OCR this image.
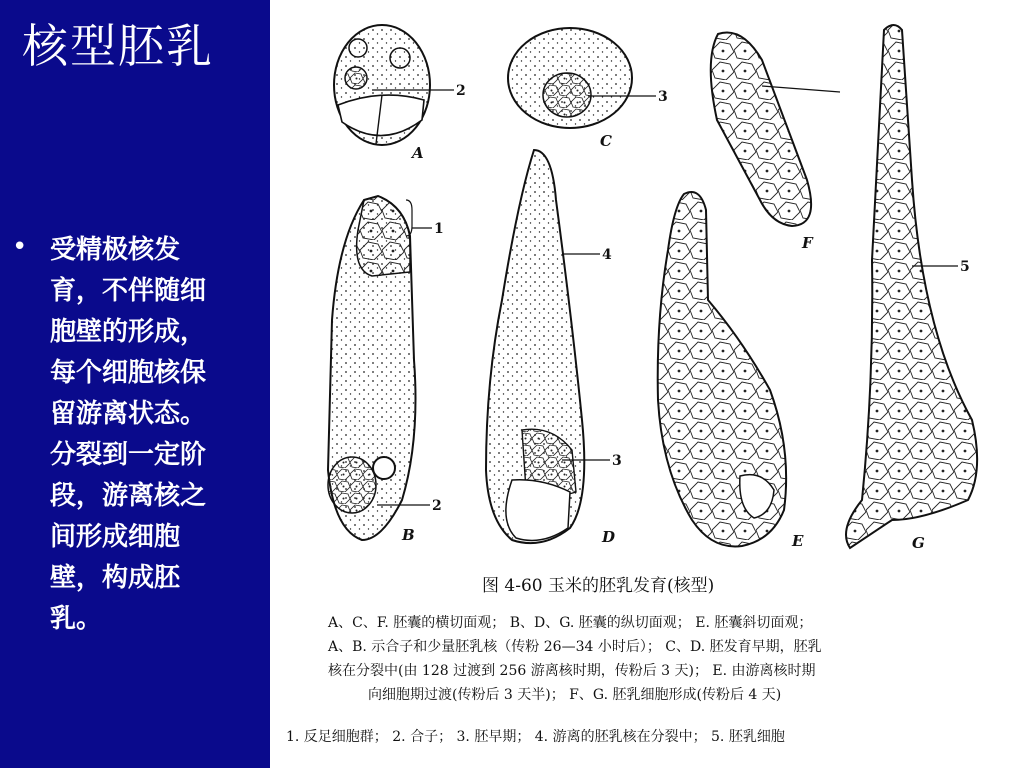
核型胚乳
• 受精极核发育，不伴随细胞壁的形成，每个细胞核保留游离状态。分裂到一定阶段，游离核之间形成细胞壁，构成胚乳。
A
B
C
D	E
F
G
2	3
1
2
4
3
5
图 4-60 玉米的胚乳发育(核型)
A、C、F. 胚囊的横切面观； B、D、G. 胚囊的纵切面观； E. 胚囊斜切面观；
A、B. 示合子和少量胚乳核（传粉 26—34 小时后）； C、D. 胚发育早期，胚乳
核在分裂中(由 128 过渡到 256 游离核时期，传粉后 3 天)； E. 由游离核时期
向细胞期过渡(传粉后 3 天半)； F、G. 胚乳细胞形成(传粉后 4 天)
1. 反足细胞群； 2. 合子； 3. 胚早期； 4. 游离的胚乳核在分裂中； 5. 胚乳细胞
